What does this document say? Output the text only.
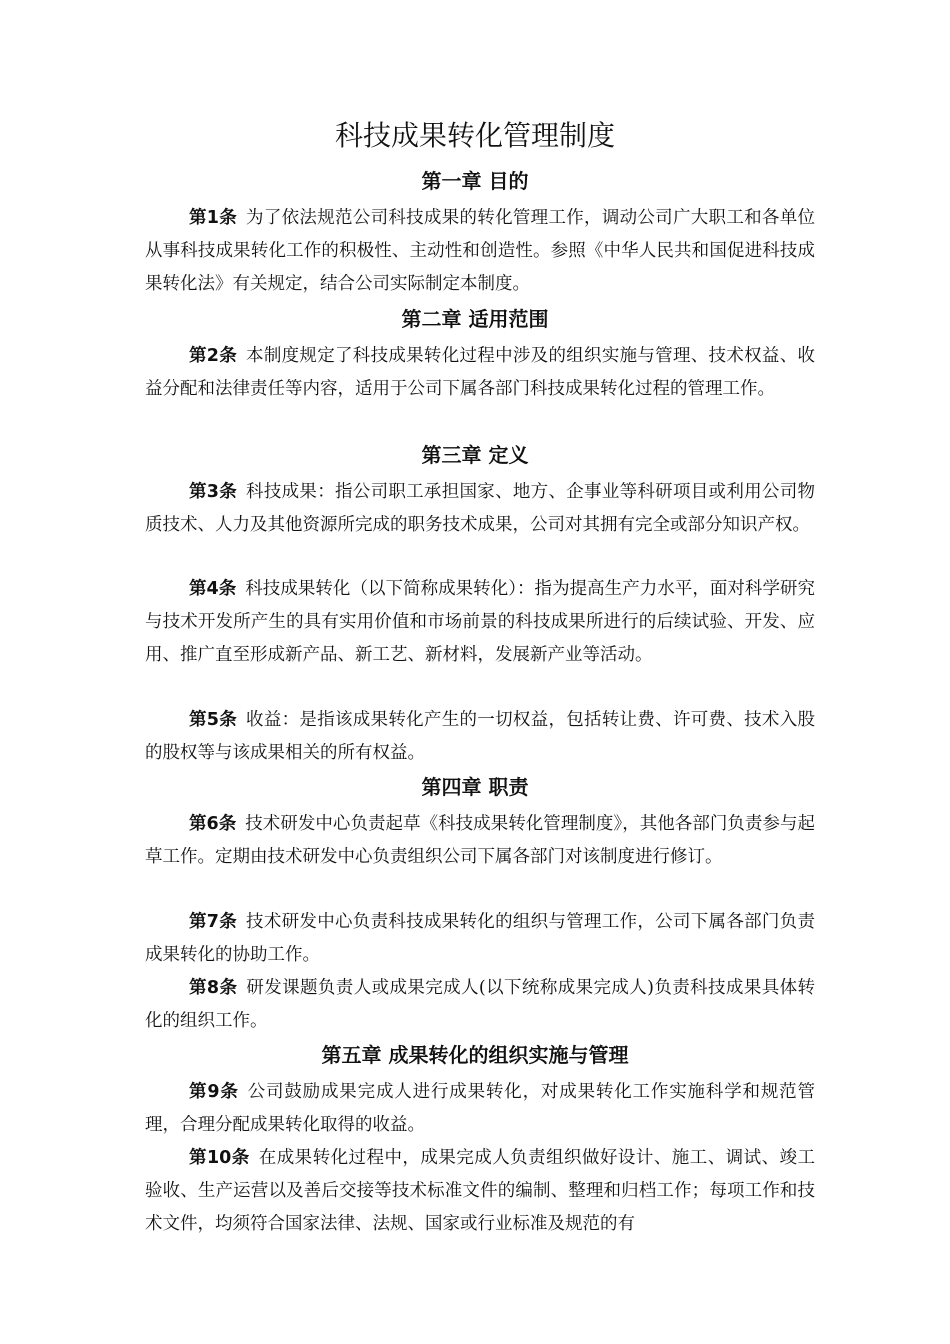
科技成果转化管理制度
第一章 目的

第1条 为了依法规范公司科技成果的转化管理工作，调动公司广大职工和各单位从事科技成果转化工作的积极性、主动性和创造性。参照《中华人民共和国促进科技成果转化法》有关规定，结合公司实际制定本制度。

第二章 适用范围

第2条 本制度规定了科技成果转化过程中涉及的组织实施与管理、技术权益、收益分配和法律责任等内容，适用于公司下属各部门科技成果转化过程的管理工作。

第三章 定义

第3条 科技成果：指公司职工承担国家、地方、企事业等科研项目或利用公司物质技术、人力及其他资源所完成的职务技术成果，公司对其拥有完全或部分知识产权。

第4条 科技成果转化（以下简称成果转化）：指为提高生产力水平，面对科学研究与技术开发所产生的具有实用价值和市场前景的科技成果所进行的后续试验、开发、应用、推广直至形成新产品、新工艺、新材料，发展新产业等活动。

第5条 收益：是指该成果转化产生的一切权益，包括转让费、许可费、技术入股的股权等与该成果相关的所有权益。

第四章 职责

第6条 技术研发中心负责起草《科技成果转化管理制度》，其他各部门负责参与起草工作。定期由技术研发中心负责组织公司下属各部门对该制度进行修订。

第7条 技术研发中心负责科技成果转化的组织与管理工作，公司下属各部门负责成果转化的协助工作。

第8条 研发课题负责人或成果完成人(以下统称成果完成人)负责科技成果具体转化的组织工作。

第五章 成果转化的组织实施与管理

第9条 公司鼓励成果完成人进行成果转化，对成果转化工作实施科学和规范管理，合理分配成果转化取得的收益。

第10条 在成果转化过程中，成果完成人负责组织做好设计、施工、调试、竣工验收、生产运营以及善后交接等技术标准文件的编制、整理和归档工作；每项工作和技术文件，均须符合国家法律、法规、国家或行业标准及规范的有
